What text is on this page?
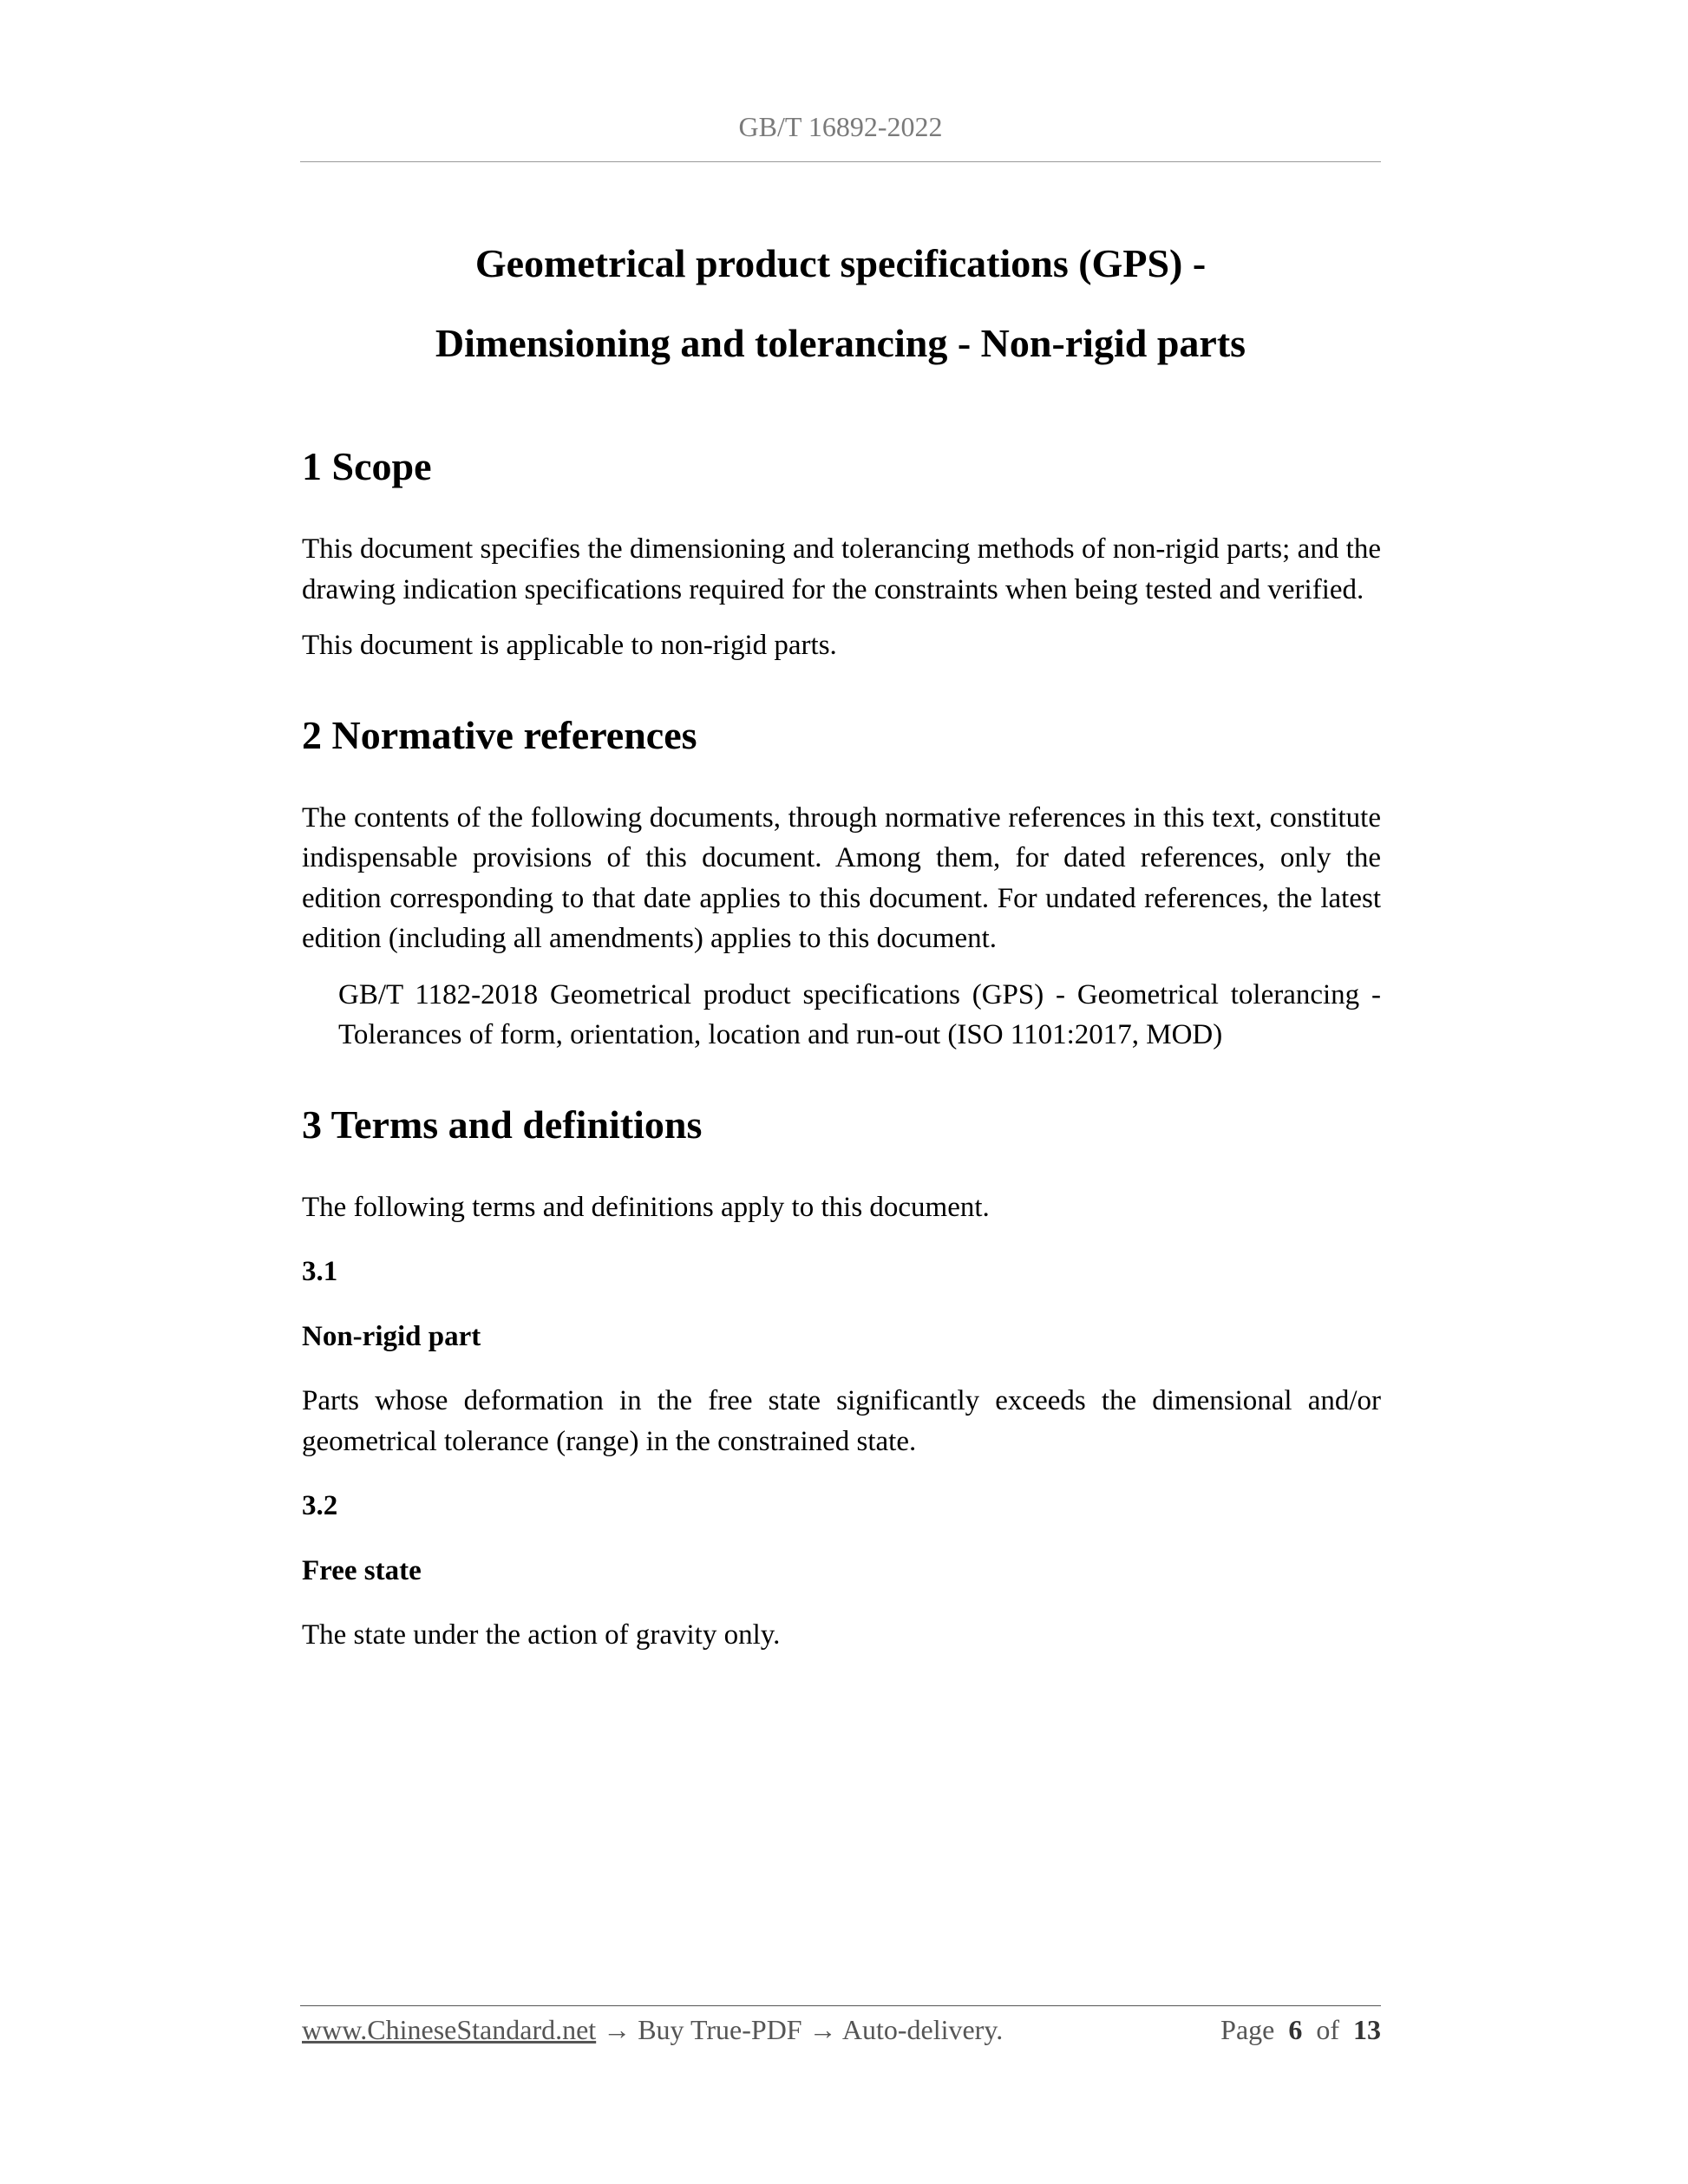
GB/T 16892-2022
Geometrical product specifications (GPS) -
Dimensioning and tolerancing - Non-rigid parts
1 Scope

This document specifies the dimensioning and tolerancing methods of non-rigid parts; and the drawing indication specifications required for the constraints when being tested and verified.

This document is applicable to non-rigid parts.

2 Normative references

The contents of the following documents, through normative references in this text, constitute indispensable provisions of this document. Among them, for dated references, only the edition corresponding to that date applies to this document. For undated references, the latest edition (including all amendments) applies to this document.

GB/T 1182-2018 Geometrical product specifications (GPS) - Geometrical tolerancing - Tolerances of form, orientation, location and run-out (ISO 1101:2017, MOD)

3 Terms and definitions

The following terms and definitions apply to this document.

3.1
Non-rigid part

Parts whose deformation in the free state significantly exceeds the dimensional and/or geometrical tolerance (range) in the constrained state.

3.2
Free state

The state under the action of gravity only.

www.ChineseStandard.net → Buy True-PDF → Auto-delivery.	Page 6 of 13
